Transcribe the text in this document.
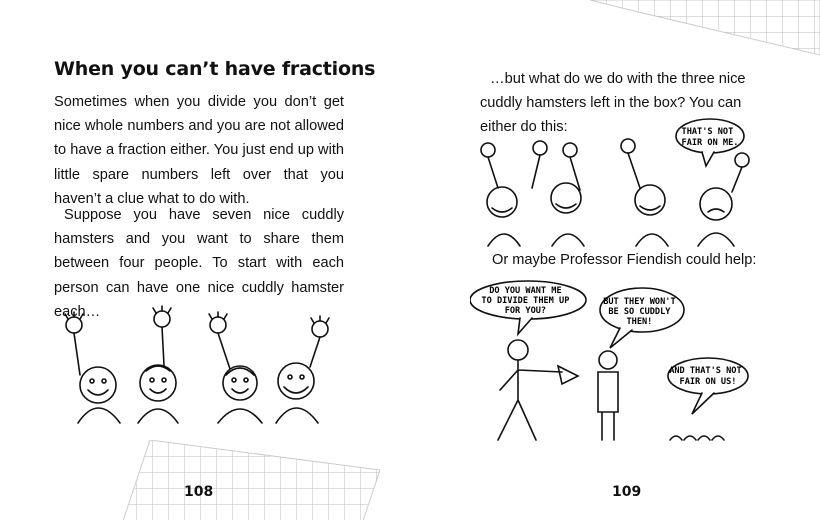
When you can’t have fractions

Sometimes when you divide you don’t get nice whole numbers and you are not allowed to have a fraction either. You just end up with little spare numbers left over that you haven’t a clue what to do with.

Suppose you have seven nice cuddly hamsters and you want to share them between four people. To start with each person can have one nice cuddly hamster each…

108

…but what do we do with the three nice cuddly hamsters left in the box? You can either do this:	THAT'S NOT FAIR ON ME.

Or maybe Professor Fiendish could help:

DO YOU WANT ME TO DIVIDE THEM UP FOR YOU? BUT THEY WON'T BE SO CUDDLY THEN! AND THAT'S NOT FAIR ON US!
109
